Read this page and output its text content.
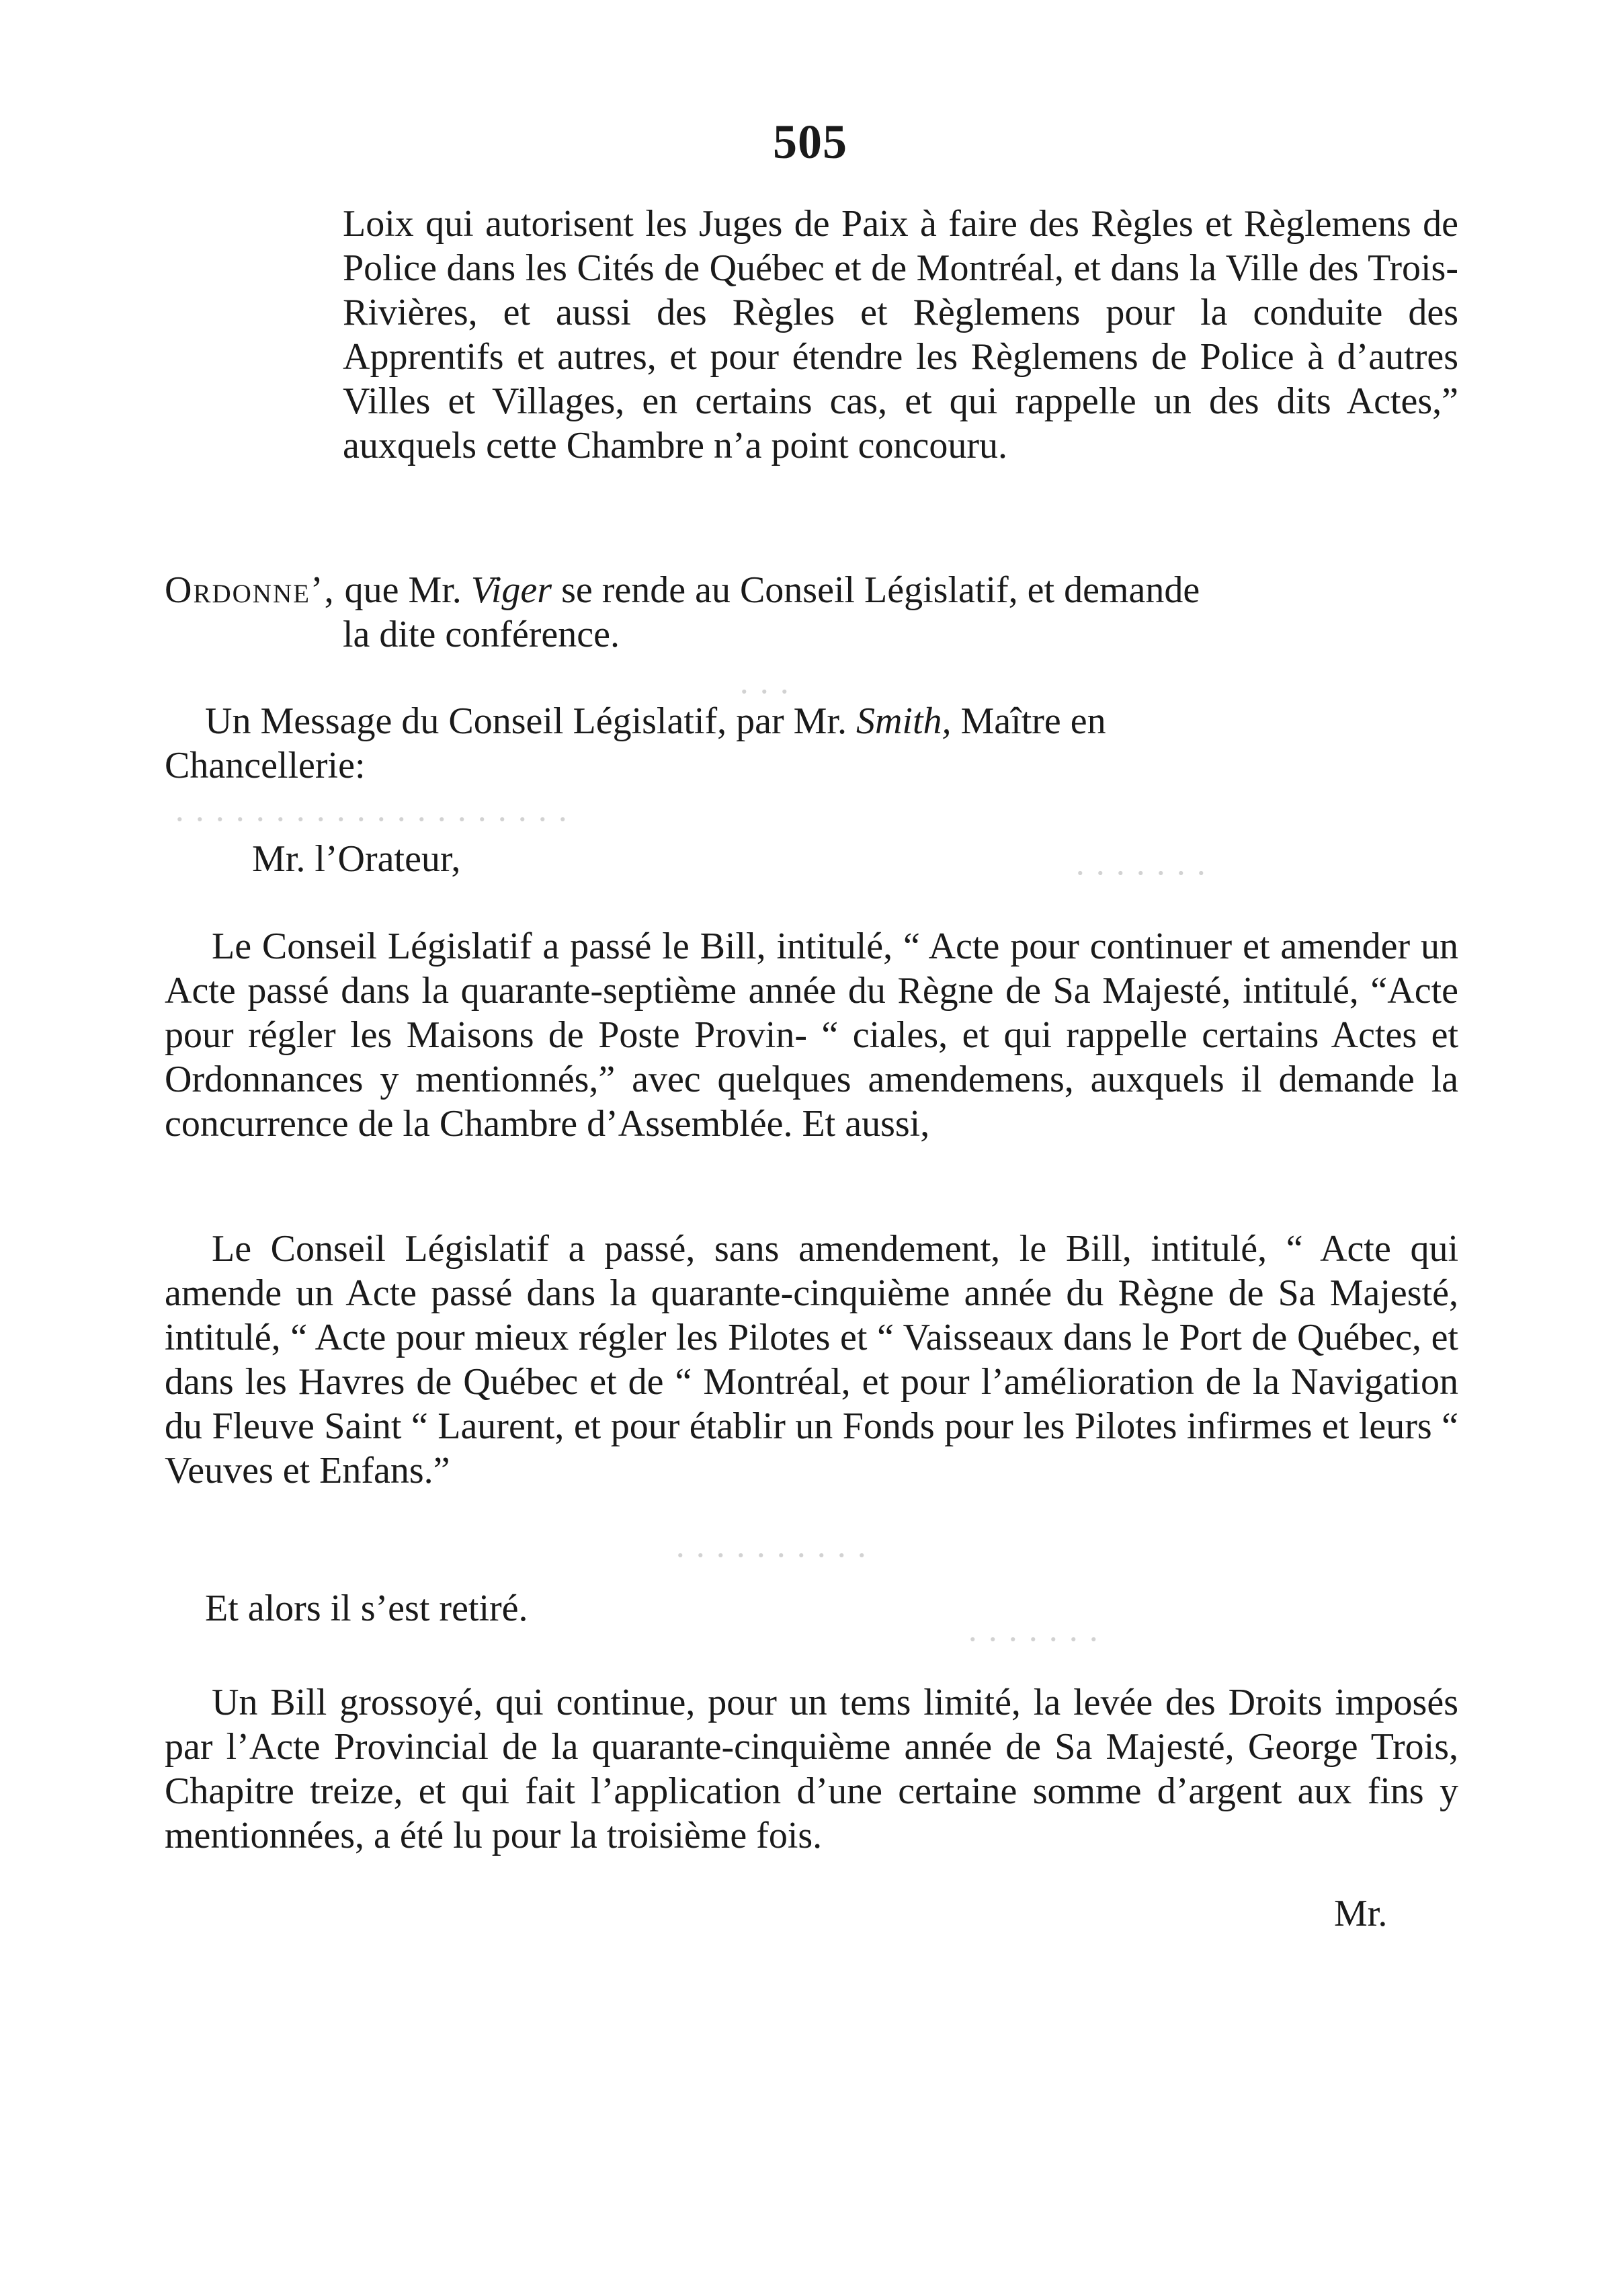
505

Loix qui autorisent les Juges de Paix à faire des Règles et Règlemens de Police dans les Cités de Québec et de Montréal, et dans la Ville des Trois-Rivières, et aussi des Règles et Règlemens pour la conduite des Apprentifs et autres, et pour étendre les Règlemens de Police à d’autres Villes et Villages, en certains cas, et qui rappelle un des dits Actes,” auxquels cette Chambre n’a point concouru.

Ordonne’, que Mr. Viger se rende au Conseil Législatif, et demande
la dite conférence.

Un Message du Conseil Législatif, par Mr. Smith, Maître en
Chancellerie:

Mr. l’Orateur,

Le Conseil Législatif a passé le Bill, intitulé, “ Acte pour continuer et amender un Acte passé dans la quarante-septième année du Règne de Sa Majesté, intitulé, “Acte pour régler les Maisons de Poste Provin- “ ciales, et qui rappelle certains Actes et Ordonnances y mentionnés,” avec quelques amendemens, auxquels il demande la concurrence de la Chambre d’Assemblée. Et aussi,

Le Conseil Législatif a passé, sans amendement, le Bill, intitulé, “ Acte qui amende un Acte passé dans la quarante-cinquième année du Règne de Sa Majesté, intitulé, “ Acte pour mieux régler les Pilotes et “ Vaisseaux dans le Port de Québec, et dans les Havres de Québec et de “ Montréal, et pour l’amélioration de la Navigation du Fleuve Saint “ Laurent, et pour établir un Fonds pour les Pilotes infirmes et leurs “ Veuves et Enfans.”

Et alors il s’est retiré.

Un Bill grossoyé, qui continue, pour un tems limité, la levée des Droits imposés par l’Acte Provincial de la quarante-cinquième année de Sa Majesté, George Trois, Chapitre treize, et qui fait l’application d’une certaine somme d’argent aux fins y mentionnées, a été lu pour la troisième fois.

Mr.
· · · · · · · · · · · · · · · · · · · ·
· · · · · · ·
· · · · · · · · · ·
· · · · · · ·
· · ·
